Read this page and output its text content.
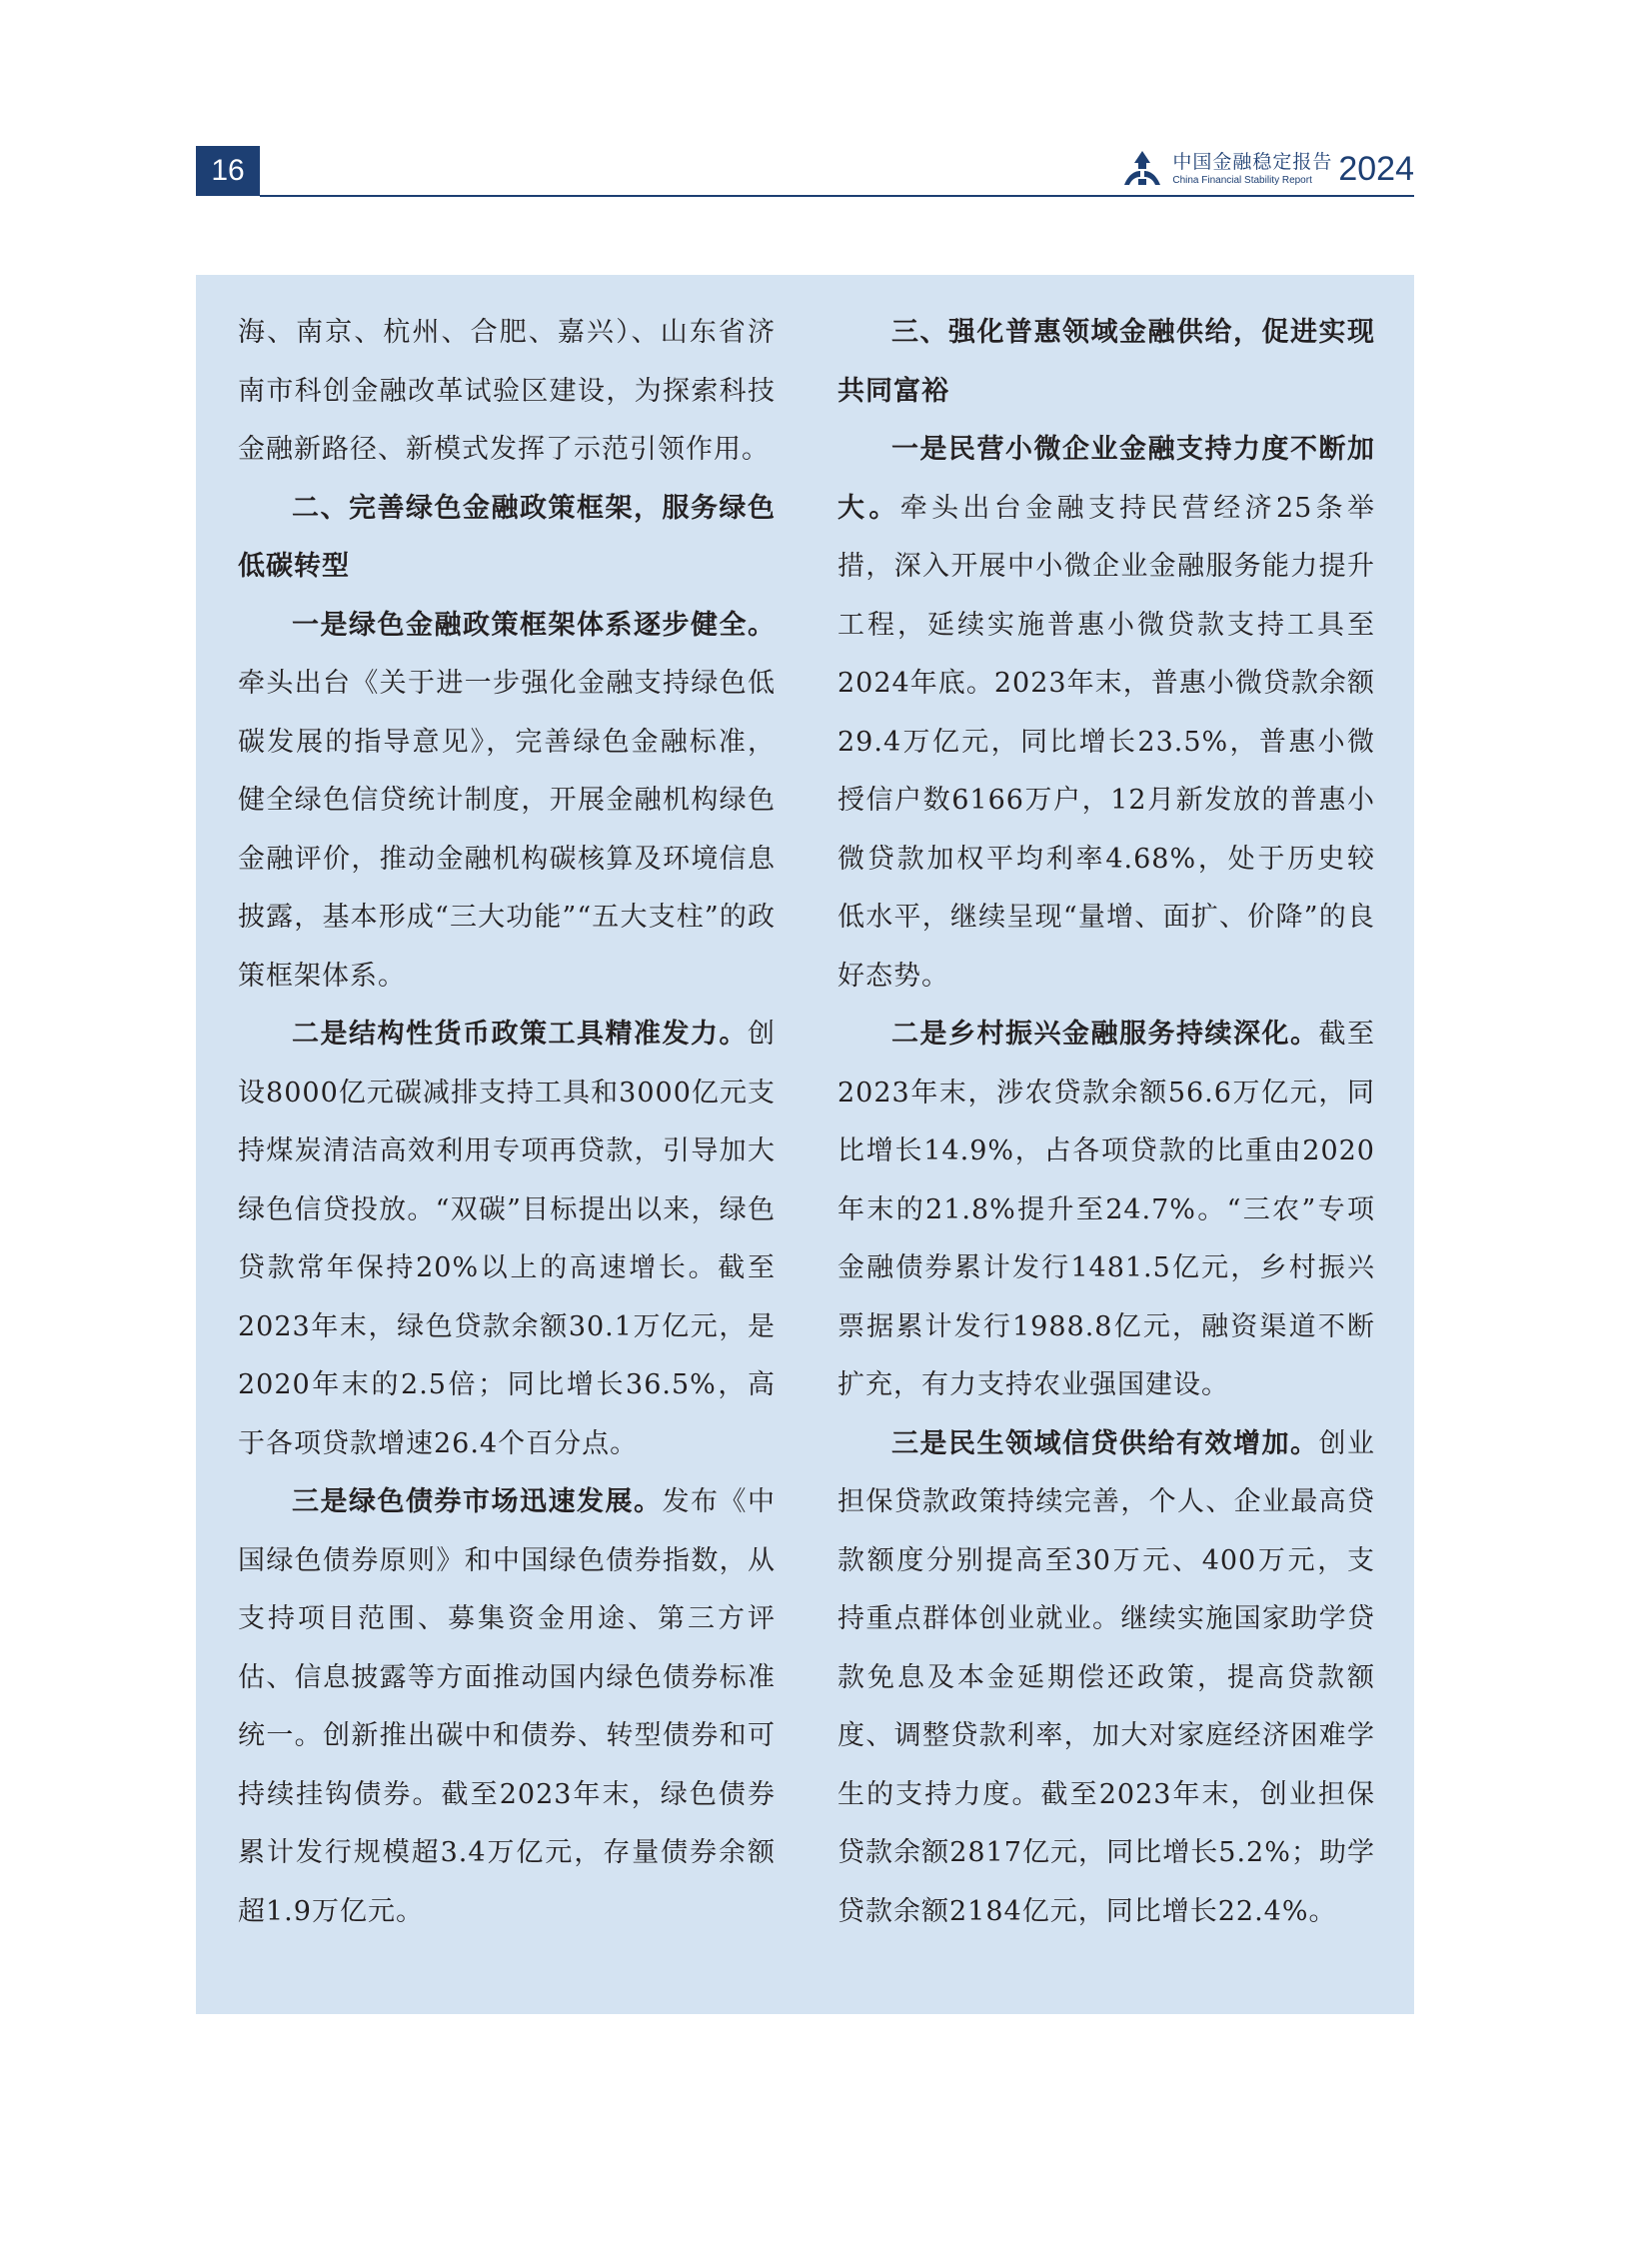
16	中国金融稳定报告
China Financial Stability Report 2024

海、南京、杭州、合肥、嘉兴）、山东省济南市科创金融改革试验区建设，为探索科技金融新路径、新模式发挥了示范引领作用。

二、完善绿色金融政策框架，服务绿色低碳转型

一是绿色金融政策框架体系逐步健全。牵头出台《关于进一步强化金融支持绿色低碳发展的指导意见》，完善绿色金融标准，健全绿色信贷统计制度，开展金融机构绿色金融评价，推动金融机构碳核算及环境信息披露，基本形成“三大功能”“五大支柱”的政策框架体系。

二是结构性货币政策工具精准发力。创设8000亿元碳减排支持工具和3000亿元支持煤炭清洁高效利用专项再贷款，引导加大绿色信贷投放。“双碳”目标提出以来，绿色贷款常年保持20%以上的高速增长。截至2023年末，绿色贷款余额30.1万亿元，是2020年末的2.5倍；同比增长36.5%，高于各项贷款增速26.4个百分点。

三是绿色债券市场迅速发展。发布《中国绿色债券原则》和中国绿色债券指数，从支持项目范围、募集资金用途、第三方评估、信息披露等方面推动国内绿色债券标准统一。创新推出碳中和债券、转型债券和可持续挂钩债券。截至2023年末，绿色债券累计发行规模超3.4万亿元，存量债券余额超1.9万亿元。

三、强化普惠领域金融供给，促进实现共同富裕

一是民营小微企业金融支持力度不断加大。牵头出台金融支持民营经济25条举措，深入开展中小微企业金融服务能力提升工程，延续实施普惠小微贷款支持工具至2024年底。2023年末，普惠小微贷款余额29.4万亿元，同比增长23.5%，普惠小微授信户数6166万户，12月新发放的普惠小微贷款加权平均利率4.68%，处于历史较低水平，继续呈现“量增、面扩、价降”的良好态势。

二是乡村振兴金融服务持续深化。截至2023年末，涉农贷款余额56.6万亿元，同比增长14.9%，占各项贷款的比重由2020年末的21.8%提升至24.7%。“三农”专项金融债券累计发行1481.5亿元，乡村振兴票据累计发行1988.8亿元，融资渠道不断扩充，有力支持农业强国建设。

三是民生领域信贷供给有效增加。创业担保贷款政策持续完善，个人、企业最高贷款额度分别提高至30万元、400万元，支持重点群体创业就业。继续实施国家助学贷款免息及本金延期偿还政策，提高贷款额度、调整贷款利率，加大对家庭经济困难学生的支持力度。截至2023年末，创业担保贷款余额2817亿元，同比增长5.2%；助学贷款余额2184亿元，同比增长22.4%。
